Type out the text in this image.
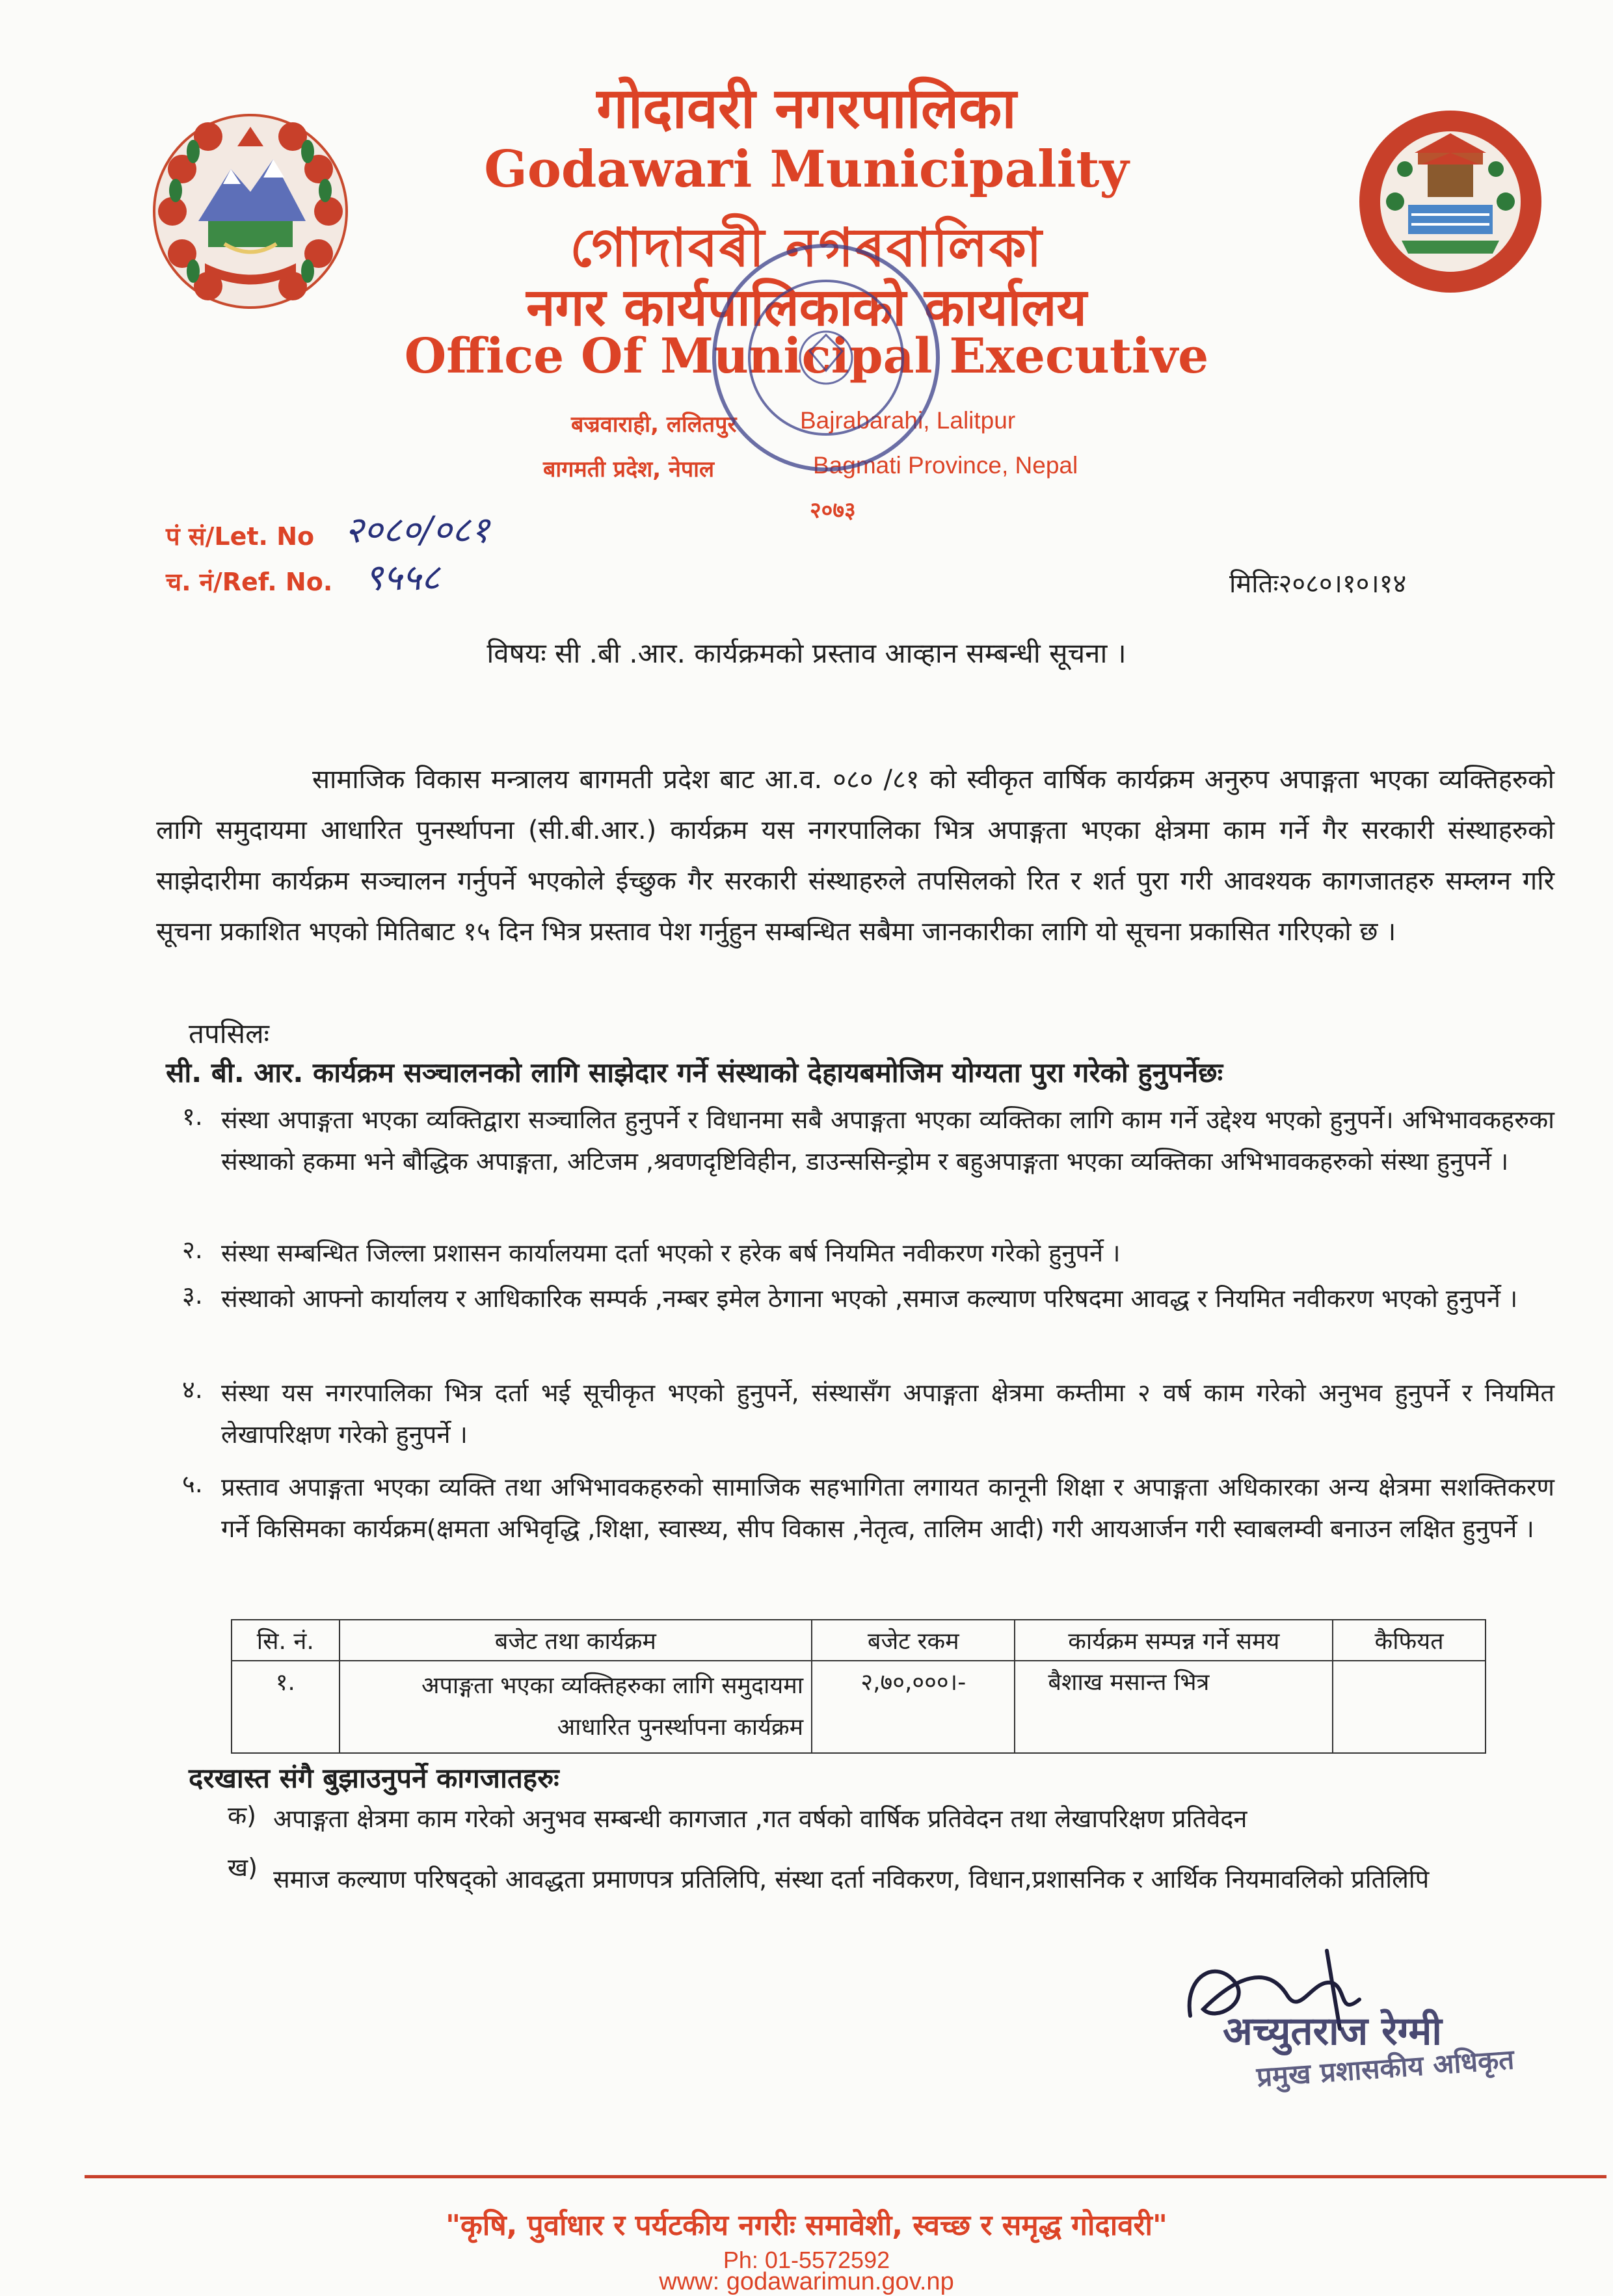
गोदावरी नगरपालिका
Godawari Municipality
গোদাবৰী নগৰবালিকা
नगर कार्यपालिकाको कार्यालय
Office Of Municipal Executive
बज्रवाराही, ललितपुर	Bajrabarahi, Lalitpur
बागमती प्रदेश, नेपाल	Bagmati Province, Nepal
२०७३
पं सं/Let. No २०८०/०८१
च. नं/Ref. No. ९५५८	मितिः२०८०।१०।१४
विषयः सी .बी .आर. कार्यक्रमको प्रस्ताव आव्हान सम्बन्धी सूचना ।
सामाजिक विकास मन्त्रालय बागमती प्रदेश बाट आ.व. ०८० /८१ को स्वीकृत वार्षिक कार्यक्रम अनुरुप अपाङ्गता भएका व्यक्तिहरुको लागि समुदायमा आधारित पुनर्स्थापना (सी.बी.आर.) कार्यक्रम यस नगरपालिका भित्र अपाङ्गता भएका क्षेत्रमा काम गर्ने गैर सरकारी संस्थाहरुको साझेदारीमा कार्यक्रम सञ्चालन गर्नुपर्ने भएकोले ईच्छुक गैर सरकारी संस्थाहरुले तपसिलको रित र शर्त पुरा गरी आवश्यक कागजातहरु सम्लग्न गरि सूचना प्रकाशित भएको मितिबाट १५ दिन भित्र प्रस्ताव पेश गर्नुहुन सम्बन्धित सबैमा जानकारीका लागि यो सूचना प्रकासित गरिएको छ ।
तपसिलः
सी. बी. आर. कार्यक्रम सञ्चालनको लागि साझेदार गर्ने संस्थाको देहायबमोजिम योग्यता पुरा गरेको हुनुपर्नेछः
१. संस्था अपाङ्गता भएका व्यक्तिद्वारा सञ्चालित हुनुपर्ने र विधानमा सबै अपाङ्गता भएका व्यक्तिका लागि काम गर्ने उद्देश्य भएको हुनुपर्ने। अभिभावकहरुका संस्थाको हकमा भने बौद्धिक अपाङ्गता, अटिजम ,श्रवणदृष्टिविहीन, डाउन्ससिन्ड्रोम र बहुअपाङ्गता भएका व्यक्तिका अभिभावकहरुको संस्था हुनुपर्ने ।
२. संस्था सम्बन्धित जिल्ला प्रशासन कार्यालयमा दर्ता भएको र हरेक बर्ष नियमित नवीकरण गरेको हुनुपर्ने ।
३. संस्थाको आफ्नो कार्यालय र आधिकारिक सम्पर्क ,नम्बर इमेल ठेगाना भएको ,समाज कल्याण परिषदमा आवद्ध र नियमित नवीकरण भएको हुनुपर्ने ।
४. संस्था यस नगरपालिका भित्र दर्ता भई सूचीकृत भएको हुनुपर्ने, संस्थासँग अपाङ्गता क्षेत्रमा कम्तीमा २ वर्ष काम गरेको अनुभव हुनुपर्ने र नियमित लेखापरिक्षण गरेको हुनुपर्ने ।
५. प्रस्ताव अपाङ्गता भएका व्यक्ति तथा अभिभावकहरुको सामाजिक सहभागिता लगायत कानूनी शिक्षा र अपाङ्गता अधिकारका अन्य क्षेत्रमा सशक्तिकरण गर्ने किसिमका कार्यक्रम(क्षमता अभिवृद्धि ,शिक्षा, स्वास्थ्य, सीप विकास ,नेतृत्व, तालिम आदी) गरी आयआर्जन गरी स्वाबलम्वी बनाउन लक्षित हुनुपर्ने ।
सि. नं.	बजेट तथा कार्यक्रम	बजेट रकम	कार्यक्रम सम्पन्न गर्ने समय	कैफियत
१.	अपाङ्गता भएका व्यक्तिहरुका लागि समुदायमा आधारित पुनर्स्थापना कार्यक्रम	२,७०,०००।-	बैशाख मसान्त भित्र	
दरखास्त संगै बुझाउनुपर्ने कागजातहरुः
क) अपाङ्गता क्षेत्रमा काम गरेको अनुभव सम्बन्धी कागजात ,गत वर्षको वार्षिक प्रतिवेदन तथा लेखापरिक्षण प्रतिवेदन
ख) समाज कल्याण परिषद्को आवद्धता प्रमाणपत्र प्रतिलिपि, संस्था दर्ता नविकरण, विधान,प्रशासनिक र आर्थिक नियमावलिको प्रतिलिपि
अच्युतराज रेग्मी
प्रमुख प्रशासकीय अधिकृत
"कृषि, पुर्वाधार र पर्यटकीय नगरीः समावेशी, स्वच्छ र समृद्ध गोदावरी"
Ph: 01-5572592
www: godawarimun.gov.np
